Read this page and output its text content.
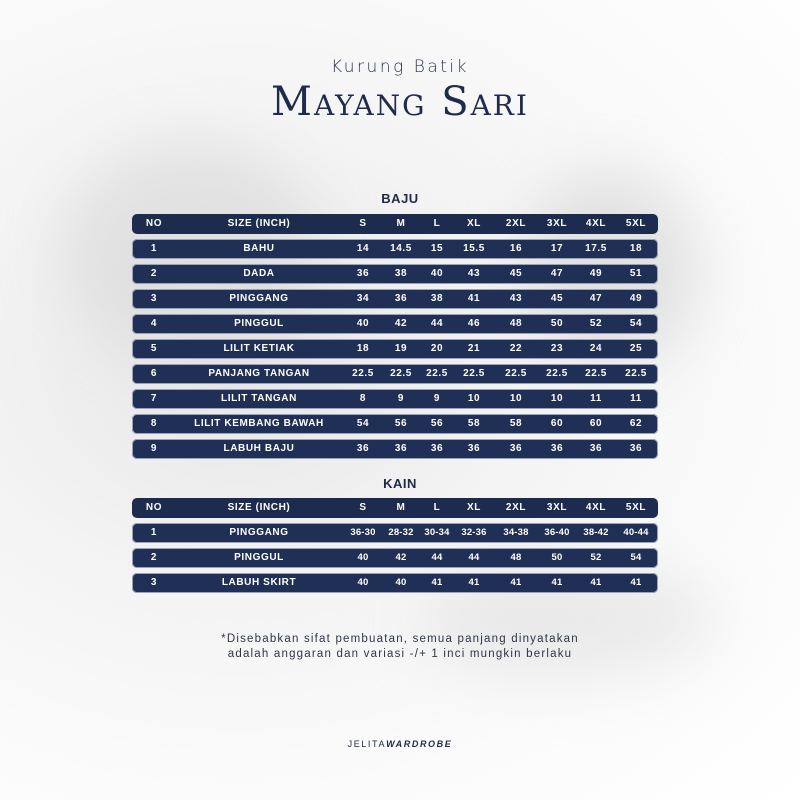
Kurung Batik
Mayang Sari
BAJU
NO	SIZE (INCH)	S	M	L	XL	2XL	3XL	4XL	5XL
1	BAHU	14	14.5	15	15.5	16	17	17.5	18
2	DADA	36	38	40	43	45	47	49	51
3	PINGGANG	34	36	38	41	43	45	47	49
4	PINGGUL	40	42	44	46	48	50	52	54
5	LILIT KETIAK	18	19	20	21	22	23	24	25
6	PANJANG TANGAN	22.5	22.5	22.5	22.5	22.5	22.5	22.5	22.5
7	LILIT TANGAN	8	9	9	10	10	10	11	11
8	LILIT KEMBANG BAWAH	54	56	56	58	58	60	60	62
9	LABUH BAJU	36	36	36	36	36	36	36	36
KAIN
NO	SIZE (INCH)	S	M	L	XL	2XL	3XL	4XL	5XL
1	PINGGANG	36-30	28-32	30-34	32-36	34-38	36-40	38-42	40-44
2	PINGGUL	40	42	44	44	48	50	52	54
3	LABUH SKIRT	40	40	41	41	41	41	41	41
*Disebabkan sifat pembuatan, semua panjang dinyatakan
adalah anggaran dan variasi -/+ 1 inci mungkin berlaku
JELITAWARDROBE
